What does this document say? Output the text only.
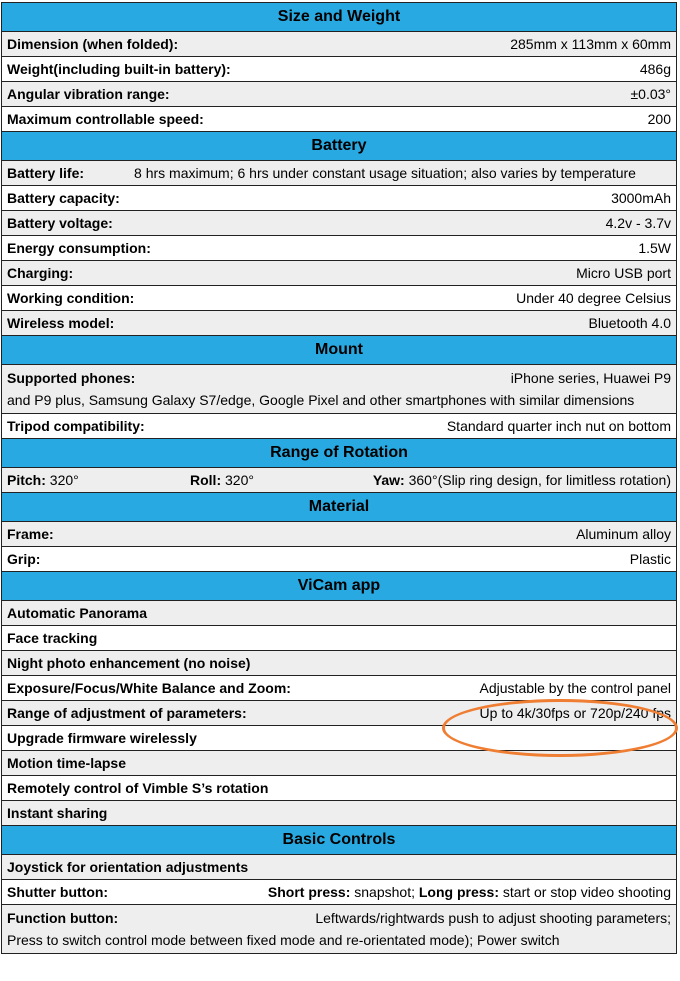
Size and Weight
Dimension (when folded):	285mm x 113mm x 60mm
Weight(including built-in battery):	486g
Angular vibration range:	±0.03°
Maximum controllable speed:	200
Battery
Battery life:	8 hrs maximum; 6 hrs under constant usage situation; also varies by temperature
Battery capacity:	3000mAh
Battery voltage:	4.2v - 3.7v
Energy consumption:	1.5W
Charging:	Micro USB port
Working condition:	Under 40 degree Celsius
Wireless model:	Bluetooth 4.0
Mount
Supported phones:	iPhone series, Huawei P9
and P9 plus, Samsung Galaxy S7/edge, Google Pixel and other smartphones with similar dimensions
Tripod compatibility:	Standard quarter inch nut on bottom
Range of Rotation
Pitch: 320°	Roll: 320°	Yaw: 360°(Slip ring design, for limitless rotation)
Material
Frame:	Aluminum alloy
Grip:	Plastic
ViCam app
Automatic Panorama
Face tracking
Night photo enhancement (no noise)
Exposure/Focus/White Balance and Zoom:	Adjustable by the control panel
Range of adjustment of parameters:	Up to 4k/30fps or 720p/240 fps
Upgrade firmware wirelessly
Motion time-lapse
Remotely control of Vimble S’s rotation
Instant sharing
Basic Controls
Joystick for orientation adjustments
Shutter button:	Short press: snapshot; Long press: start or stop video shooting
Function button:	Leftwards/rightwards push to adjust shooting parameters;
Press to switch control mode between fixed mode and re-orientated mode); Power switch
